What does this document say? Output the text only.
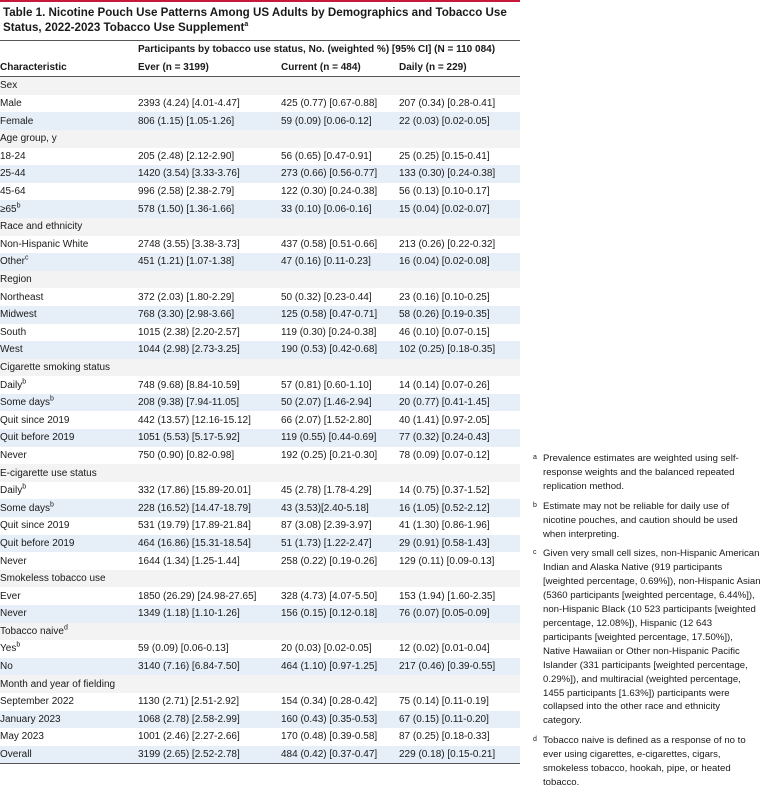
Table 1. Nicotine Pouch Use Patterns Among US Adults by Demographics and Tobacco Use Status, 2022-2023 Tobacco Use Supplement$^a$
	Participants by tobacco use status, No. (weighted %) [95% CI] (N = 110 084)		
Characteristic	Ever (n = 3199)	Current (n = 484)	Daily (n = 229)
Sex			
Male	2393 (4.24) [4.01-4.47]	425 (0.77) [0.67-0.88]	207 (0.34) [0.28-0.41]
Female	806 (1.15) [1.05-1.26]	59 (0.09) [0.06-0.12]	22 (0.03) [0.02-0.05]
Age group, y			
18-24	205 (2.48) [2.12-2.90]	56 (0.65) [0.47-0.91]	25 (0.25) [0.15-0.41]
25-44	1420 (3.54) [3.33-3.76]	273 (0.66) [0.56-0.77]	133 (0.30) [0.24-0.38]
45-64	996 (2.58) [2.38-2.79]	122 (0.30) [0.24-0.38]	56 (0.13) [0.10-0.17]
$\ge 65^b$	578 (1.50) [1.36-1.66]	33 (0.10) [0.06-0.16]	15 (0.04) [0.02-0.07]
Race and ethnicity			
Non-Hispanic White	2748 (3.55) [3.38-3.73]	437 (0.58) [0.51-0.66]	213 (0.26) [0.22-0.32]
Other$^c$	451 (1.21) [1.07-1.38]	47 (0.16) [0.11-0.23]	16 (0.04) [0.02-0.08]
Region			
Northeast	372 (2.03) [1.80-2.29]	50 (0.32) [0.23-0.44]	23 (0.16) [0.10-0.25]
Midwest	768 (3.30) [2.98-3.66]	125 (0.58) [0.47-0.71]	58 (0.26) [0.19-0.35]
South	1015 (2.38) [2.20-2.57]	119 (0.30) [0.24-0.38]	46 (0.10) [0.07-0.15]
West	1044 (2.98) [2.73-3.25]	190 (0.53) [0.42-0.68]	102 (0.25) [0.18-0.35]
Cigarette smoking status			
Daily$^b$	748 (9.68) [8.84-10.59]	57 (0.81) [0.60-1.10]	14 (0.14) [0.07-0.26]
Some days$^b$	208 (9.38) [7.94-11.05]	50 (2.07) [1.46-2.94]	20 (0.77) [0.41-1.45]
Quit since 2019	442 (13.57) [12.16-15.12]	66 (2.07) [1.52-2.80]	40 (1.41) [0.97-2.05]
Quit before 2019	1051 (5.53) [5.17-5.92]	119 (0.55) [0.44-0.69]	77 (0.32) [0.24-0.43]
Never	750 (0.90) [0.82-0.98]	192 (0.25) [0.21-0.30]	78 (0.09) [0.07-0.12]
E-cigarette use status			
Daily$^b$	332 (17.86) [15.89-20.01]	45 (2.78) [1.78-4.29]	14 (0.75) [0.37-1.52]
Some days$^b$	228 (16.52) [14.47-18.79]	43 (3.53)[2.40-5.18]	16 (1.05) [0.52-2.12]
Quit since 2019	531 (19.79) [17.89-21.84]	87 (3.08) [2.39-3.97]	41 (1.30) [0.86-1.96]
Quit before 2019	464 (16.86) [15.31-18.54]	51 (1.73) [1.22-2.47]	29 (0.91) [0.58-1.43]
Never	1644 (1.34) [1.25-1.44]	258 (0.22) [0.19-0.26]	129 (0.11) [0.09-0.13]
Smokeless tobacco use			
Ever	1850 (26.29) [24.98-27.65]	328 (4.73) [4.07-5.50]	153 (1.94) [1.60-2.35]
Never	1349 (1.18) [1.10-1.26]	156 (0.15) [0.12-0.18]	76 (0.07) [0.05-0.09]
Tobacco naive$^d$
Yes$^b$	59 (0.09) [0.06-0.13]	20 (0.03) [0.02-0.05]	12 (0.02) [0.01-0.04]
No	3140 (7.16) [6.84-7.50]	464 (1.10) [0.97-1.25]	217 (0.46) [0.39-0.55]
Month and year of fielding			
September 2022	1130 (2.71) [2.51-2.92]	154 (0.34) [0.28-0.42]	75 (0.14) [0.11-0.19]
January 2023	1068 (2.78) [2.58-2.99]	160 (0.43) [0.35-0.53]	67 (0.15) [0.11-0.20]
May 2023	1001 (2.46) [2.27-2.66]	170 (0.48) [0.39-0.58]	87 (0.25) [0.18-0.33]
Overall	3199 (2.65) [2.52-2.78]	484 (0.42) [0.37-0.47]	229 (0.18) [0.15-0.21]
a Prevalence estimates are weighted using self-response weights and the balanced repeated replication method.
b Estimate may not be reliable for daily use of nicotine pouches, and caution should be used when interpreting.
c Given very small cell sizes, non-Hispanic American Indian and Alaska Native (919 participants [weighted percentage, 0.69%]), non-Hispanic Asian (5360 participants [weighted percentage, 6.44%]), non-Hispanic Black (10 523 participants [weighted percentage, 12.08%]), Hispanic (12 643 participants [weighted percentage, 17.50%]), Native Hawaiian or Other non-Hispanic Pacific Islander (331 participants [weighted percentage, 0.29%]), and multiracial (weighted percentage, 1455 participants [1.63%]) participants were collapsed into the other race and ethnicity category.
d Tobacco naive is defined as a response of no to ever using cigarettes, e-cigarettes, cigars, smokeless tobacco, hookah, pipe, or heated tobacco.
